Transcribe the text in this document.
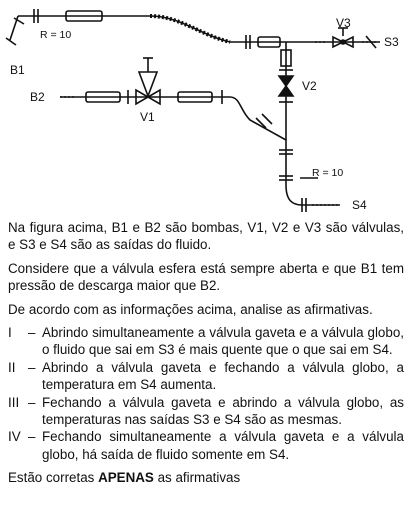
R = 10
B1
B2
V1
V2
V3
S3
R = 10
S4

Na figura acima, B1 e B2 são bombas, V1, V2 e V3 são válvulas, e S3 e S4 são as saídas do fluido.

Considere que a válvula esfera está sempre aberta e que B1 tem pressão de descarga maior que B2.

De acordo com as informações acima, analise as afirmativas.

I	– Abrindo simultaneamente a válvula gaveta e a válvula globo, o fluido que sai em S3 é mais quente que o que sai em S4.
II – Abrindo a válvula gaveta e fechando a válvula globo, a temperatura em S4 aumenta.
III – Fechando a válvula gaveta e abrindo a válvula globo, as temperaturas nas saídas S3 e S4 são as mesmas.
IV – Fechando simultaneamente a válvula gaveta e a válvula globo, há saída de fluido somente em S4.

Estão corretas APENAS as afirmativas
